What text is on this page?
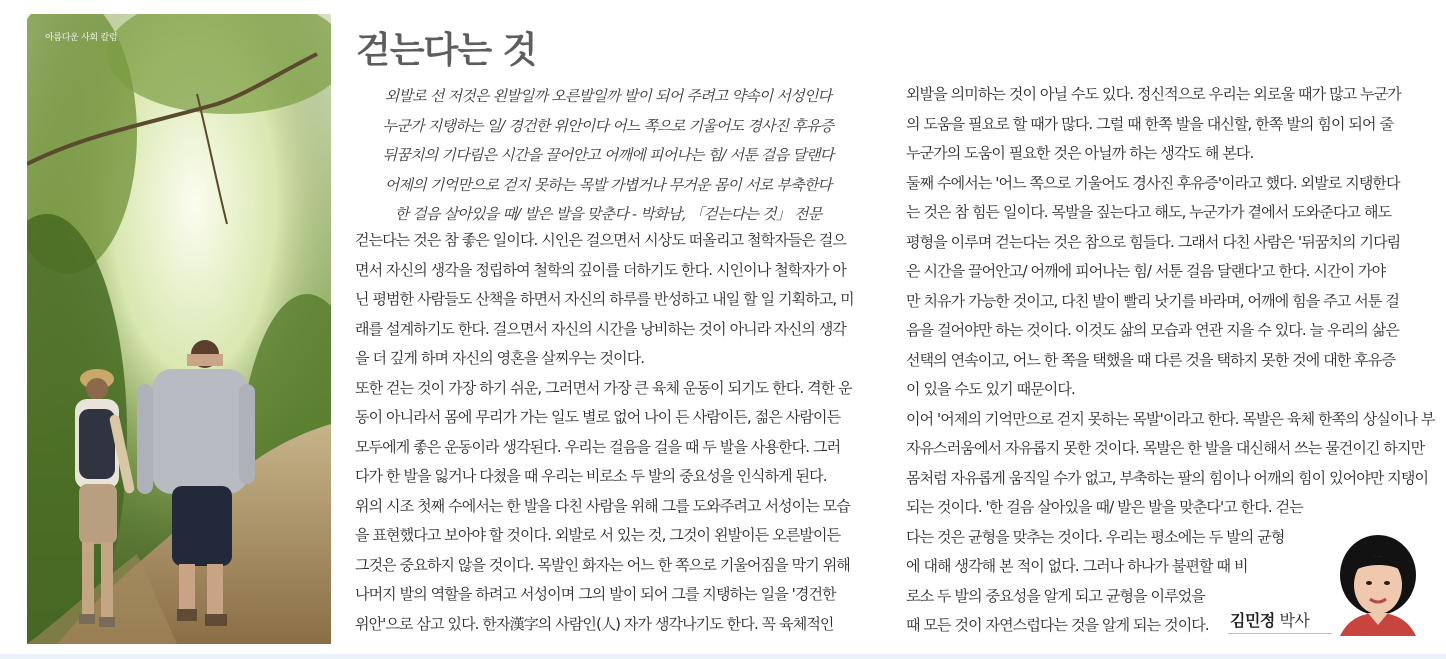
아름다운 사회 칼럼	걷는다는 것
외발로 선 저것은 왼발일까 오른발일까 발이 되어 주려고 약속이 서성인다
누군가 지탱하는 일/ 경건한 위안이다 어느 쪽으로 기울어도 경사진 후유증
뒤꿈치의 기다림은 시간을 끌어안고 어깨에 피어나는 힘/ 서툰 걸음 달랜다
어제의 기억만으로 걷지 못하는 목발 가볍거나 무거운 몸이 서로 부축한다
한 걸음 살아있을 때/ 발은 발을 맞춘다 - 박화남, 「걷는다는 것」 전문
걷는다는 것은 참 좋은 일이다. 시인은 걸으면서 시상도 떠올리고 철학자들은 걸으
면서 자신의 생각을 정립하여 철학의 깊이를 더하기도 한다. 시인이나 철학자가 아
닌 평범한 사람들도 산책을 하면서 자신의 하루를 반성하고 내일 할 일 기획하고, 미
래를 설계하기도 한다. 걸으면서 자신의 시간을 낭비하는 것이 아니라 자신의 생각
을 더 깊게 하며 자신의 영혼을 살찌우는 것이다.
또한 걷는 것이 가장 하기 쉬운, 그러면서 가장 큰 육체 운동이 되기도 한다. 격한 운
동이 아니라서 몸에 무리가 가는 일도 별로 없어 나이 든 사람이든, 젊은 사람이든
모두에게 좋은 운동이라 생각된다. 우리는 걸음을 걸을 때 두 발을 사용한다. 그러
다가 한 발을 잃거나 다쳤을 때 우리는 비로소 두 발의 중요성을 인식하게 된다.
위의 시조 첫째 수에서는 한 발을 다친 사람을 위해 그를 도와주려고 서성이는 모습
을 표현했다고 보아야 할 것이다. 외발로 서 있는 것, 그것이 왼발이든 오른발이든
그것은 중요하지 않을 것이다. 목발인 화자는 어느 한 쪽으로 기울어짐을 막기 위해
나머지 발의 역할을 하려고 서성이며 그의 발이 되어 그를 지탱하는 일을 '경건한
위안'으로 삼고 있다. 한자漢字의 사람인(人) 자가 생각나기도 한다. 꼭 육체적인
외발을 의미하는 것이 아닐 수도 있다. 정신적으로 우리는 외로울 때가 많고 누군가
의 도움을 필요로 할 때가 많다. 그럴 때 한쪽 발을 대신할, 한쪽 발의 힘이 되어 줄
누군가의 도움이 필요한 것은 아닐까 하는 생각도 해 본다.
둘째 수에서는 '어느 쪽으로 기울어도 경사진 후유증'이라고 했다. 외발로 지탱한다
는 것은 참 힘든 일이다. 목발을 짚는다고 해도, 누군가가 곁에서 도와준다고 해도
평형을 이루며 걷는다는 것은 참으로 힘들다. 그래서 다친 사람은 '뒤꿈치의 기다림
은 시간을 끌어안고/ 어깨에 피어나는 힘/ 서툰 걸음 달랜다'고 한다. 시간이 가야
만 치유가 가능한 것이고, 다친 발이 빨리 낫기를 바라며, 어깨에 힘을 주고 서툰 걸
음을 걸어야만 하는 것이다. 이것도 삶의 모습과 연관 지을 수 있다. 늘 우리의 삶은
선택의 연속이고, 어느 한 쪽을 택했을 때 다른 것을 택하지 못한 것에 대한 후유증
이 있을 수도 있기 때문이다.
이어 '어제의 기억만으로 걷지 못하는 목발'이라고 한다. 목발은 육체 한쪽의 상실이나 부
자유스러움에서 자유롭지 못한 것이다. 목발은 한 발을 대신해서 쓰는 물건이긴 하지만
몸처럼 자유롭게 움직일 수가 없고, 부축하는 팔의 힘이나 어깨의 힘이 있어야만 지탱이
되는 것이다. '한 걸음 살아있을 때/ 발은 발을 맞춘다'고 한다. 걷는
다는 것은 균형을 맞추는 것이다. 우리는 평소에는 두 발의 균형
에 대해 생각해 본 적이 없다. 그러나 하나가 불편할 때 비
로소 두 발의 중요성을 알게 되고 균형을 이루었을
때 모든 것이 자연스럽다는 것을 알게 되는 것이다.	김민정 박사
